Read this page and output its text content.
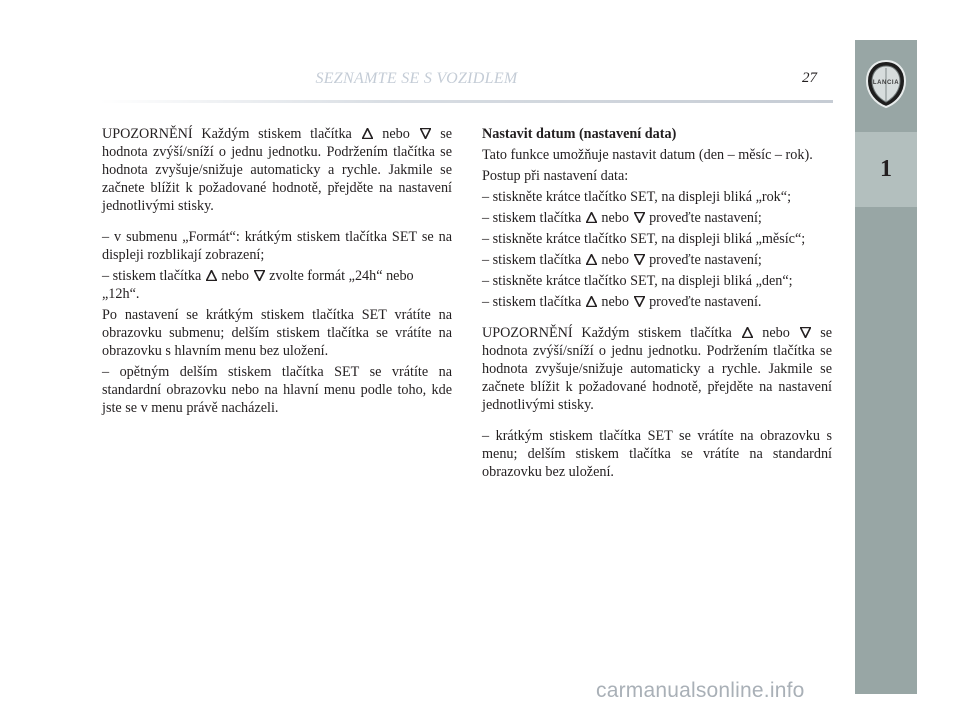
SEZNAMTE SE S VOZIDLEM	27	LANCIA
1

UPOZORNĚNÍ Každým stiskem tlačítka nebo se hodnota zvýší/sníží o jednu jednotku. Podržením tlačítka se hodnota zvyšuje/snižuje automaticky a rychle. Jakmile se začnete blížit k požadované hodnotě, přejděte na nastavení jednotlivými stisky.

– v submenu „Formát“: krátkým stiskem tlačítka SET se na displeji rozblikají zobrazení;

– stiskem tlačítka nebo zvolte formát „24h“ nebo „12h“.

Po nastavení se krátkým stiskem tlačítka SET vrátíte na obrazovku submenu; delším stiskem tlačítka se vrátíte na obrazovku s hlavním menu bez uložení.

– opětným delším stiskem tlačítka SET se vrátíte na standardní obrazovku nebo na hlavní menu podle toho, kde jste se v menu právě nacházeli.

Nastavit datum (nastavení data)

Tato funkce umožňuje nastavit datum (den – měsíc – rok).

Postup při nastavení data:

– stiskněte krátce tlačítko SET, na displeji bliká „rok“;

– stiskem tlačítka nebo proveďte nastavení;

– stiskněte krátce tlačítko SET, na displeji bliká „měsíc“;

– stiskem tlačítka nebo proveďte nastavení;

– stiskněte krátce tlačítko SET, na displeji bliká „den“;

– stiskem tlačítka nebo proveďte nastavení.

UPOZORNĚNÍ Každým stiskem tlačítka nebo se hodnota zvýší/sníží o jednu jednotku. Podržením tlačítka se hodnota zvyšuje/snižuje automaticky a rychle. Jakmile se začnete blížit k požadované hodnotě, přejděte na nastavení jednotlivými stisky.

– krátkým stiskem tlačítka SET se vrátíte na obrazovku s menu; delším stiskem tlačítka se vrátíte na standardní obrazovku bez uložení.

carmanualsonline.info
